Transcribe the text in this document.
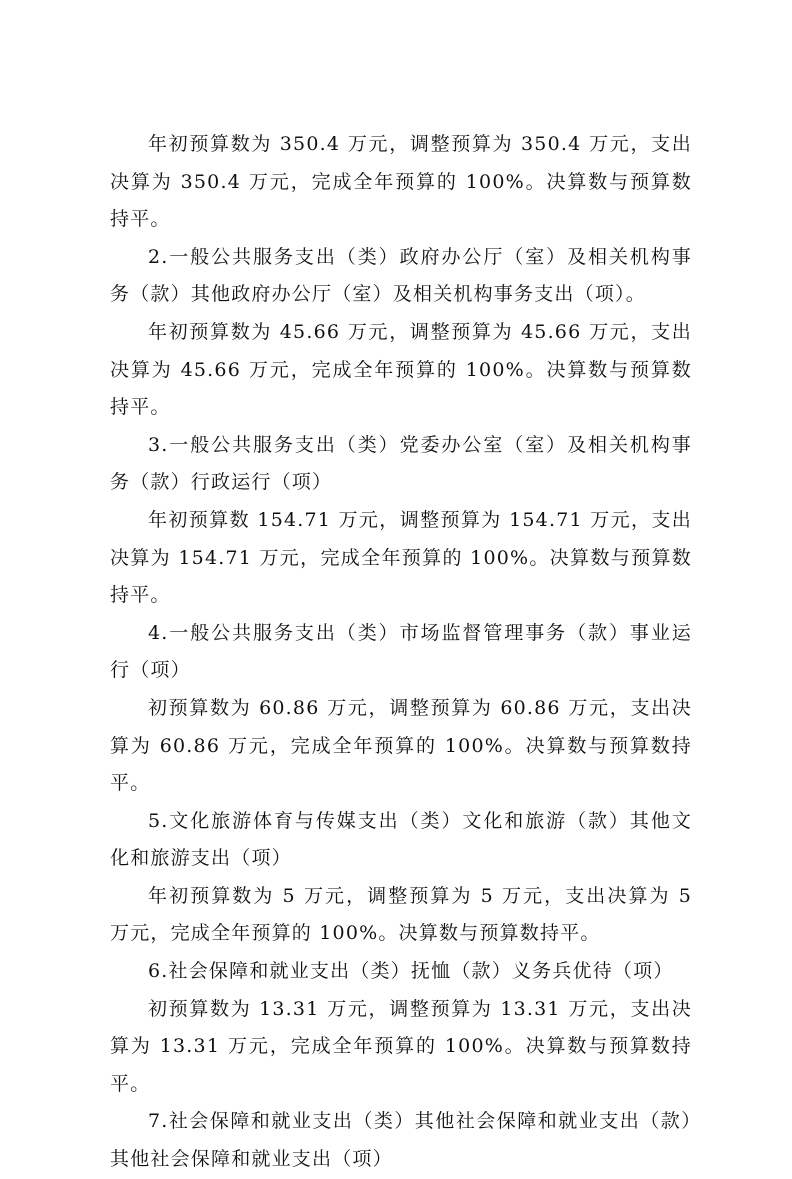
年初预算数为 350.4 万元，调整预算为 350.4 万元，支出决算为 350.4 万元，完成全年预算的 100%。决算数与预算数持平。

2.一般公共服务支出（类）政府办公厅（室）及相关机构事务（款）其他政府办公厅（室）及相关机构事务支出（项）。

年初预算数为 45.66 万元，调整预算为 45.66 万元，支出决算为 45.66 万元，完成全年预算的 100%。决算数与预算数持平。

3.一般公共服务支出（类）党委办公室（室）及相关机构事务（款）行政运行（项）

年初预算数 154.71 万元，调整预算为 154.71 万元，支出决算为 154.71 万元，完成全年预算的 100%。决算数与预算数持平。

4.一般公共服务支出（类）市场监督管理事务（款）事业运行（项）

初预算数为 60.86 万元，调整预算为 60.86 万元，支出决算为 60.86 万元，完成全年预算的 100%。决算数与预算数持平。

5.文化旅游体育与传媒支出（类）文化和旅游（款）其他文化和旅游支出（项）

年初预算数为 5 万元，调整预算为 5 万元，支出决算为 5 万元，完成全年预算的 100%。决算数与预算数持平。

6.社会保障和就业支出（类）抚恤（款）义务兵优待（项）

初预算数为 13.31 万元，调整预算为 13.31 万元，支出决算为 13.31 万元，完成全年预算的 100%。决算数与预算数持平。

7.社会保障和就业支出（类）其他社会保障和就业支出（款）其他社会保障和就业支出（项）
